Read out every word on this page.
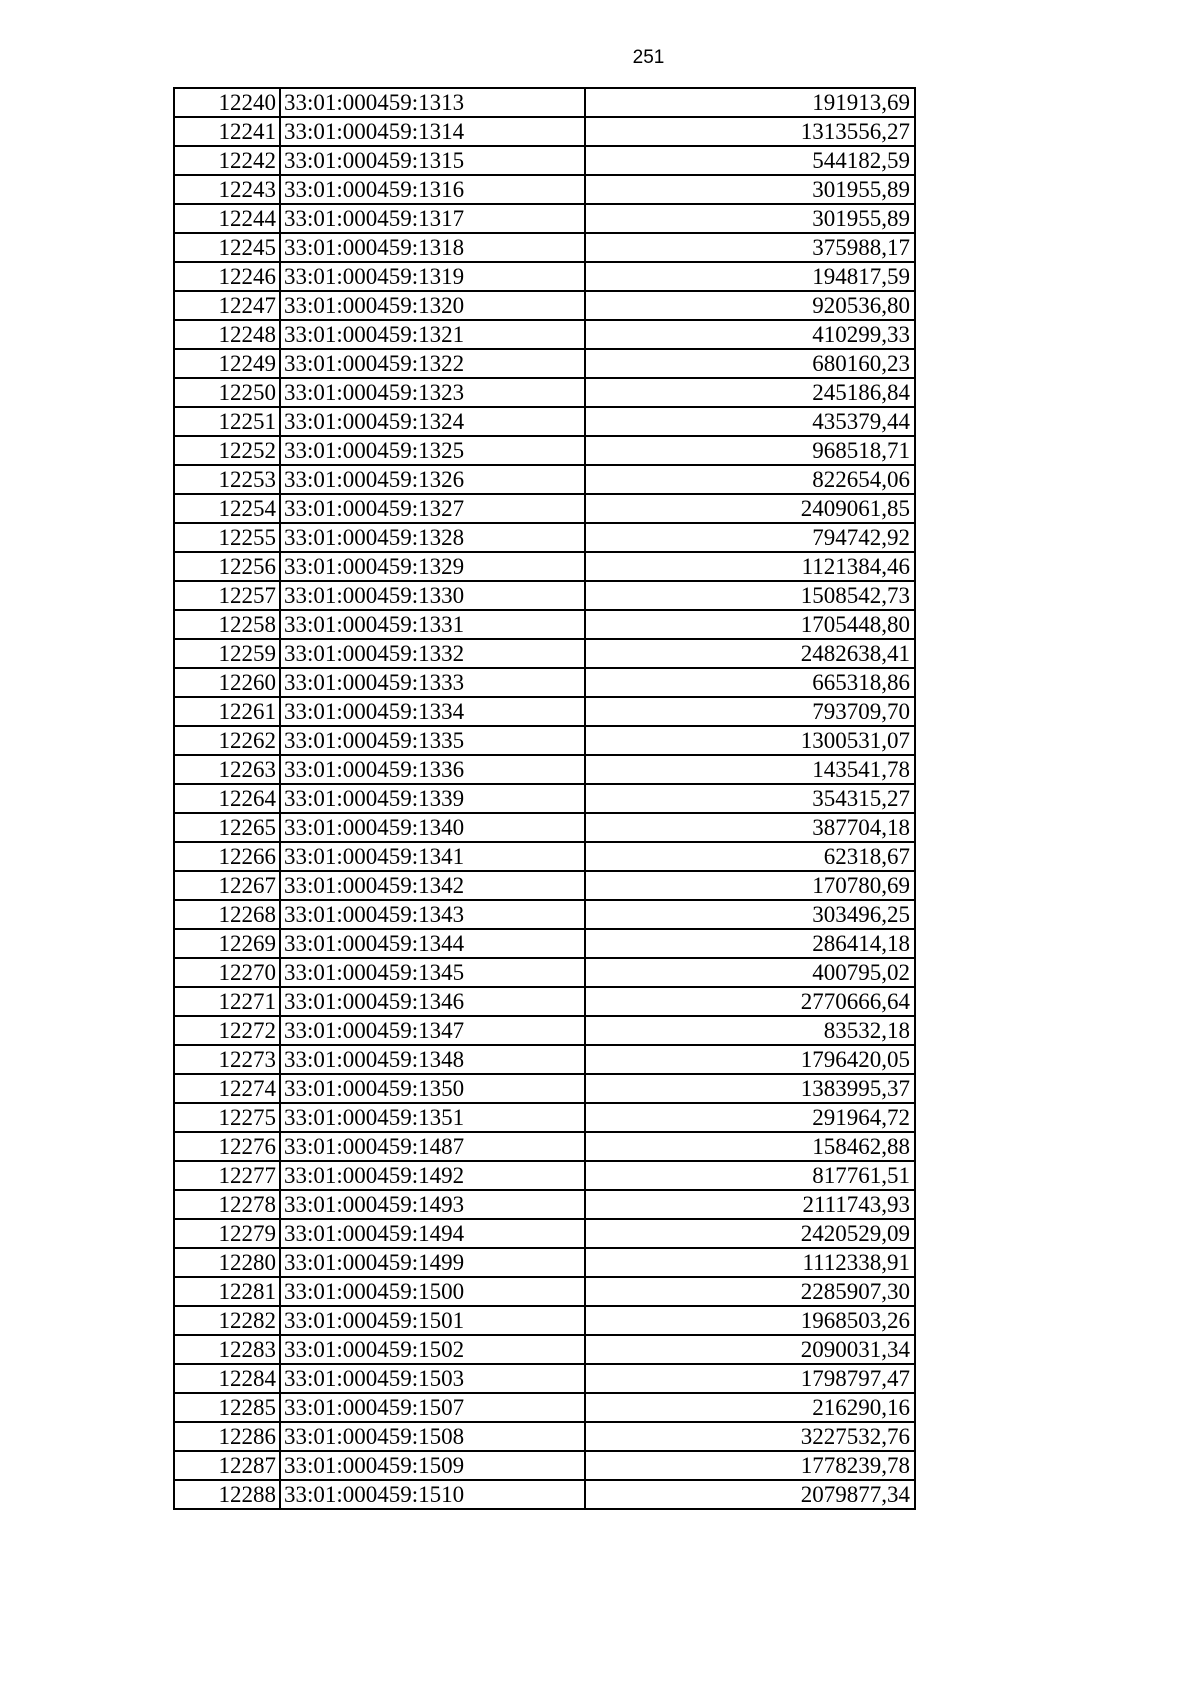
251
12240	33:01:000459:1313	191913,69
12241	33:01:000459:1314	1313556,27
12242	33:01:000459:1315	544182,59
12243	33:01:000459:1316	301955,89
12244	33:01:000459:1317	301955,89
12245	33:01:000459:1318	375988,17
12246	33:01:000459:1319	194817,59
12247	33:01:000459:1320	920536,80
12248	33:01:000459:1321	410299,33
12249	33:01:000459:1322	680160,23
12250	33:01:000459:1323	245186,84
12251	33:01:000459:1324	435379,44
12252	33:01:000459:1325	968518,71
12253	33:01:000459:1326	822654,06
12254	33:01:000459:1327	2409061,85
12255	33:01:000459:1328	794742,92
12256	33:01:000459:1329	1121384,46
12257	33:01:000459:1330	1508542,73
12258	33:01:000459:1331	1705448,80
12259	33:01:000459:1332	2482638,41
12260	33:01:000459:1333	665318,86
12261	33:01:000459:1334	793709,70
12262	33:01:000459:1335	1300531,07
12263	33:01:000459:1336	143541,78
12264	33:01:000459:1339	354315,27
12265	33:01:000459:1340	387704,18
12266	33:01:000459:1341	62318,67
12267	33:01:000459:1342	170780,69
12268	33:01:000459:1343	303496,25
12269	33:01:000459:1344	286414,18
12270	33:01:000459:1345	400795,02
12271	33:01:000459:1346	2770666,64
12272	33:01:000459:1347	83532,18
12273	33:01:000459:1348	1796420,05
12274	33:01:000459:1350	1383995,37
12275	33:01:000459:1351	291964,72
12276	33:01:000459:1487	158462,88
12277	33:01:000459:1492	817761,51
12278	33:01:000459:1493	2111743,93
12279	33:01:000459:1494	2420529,09
12280	33:01:000459:1499	1112338,91
12281	33:01:000459:1500	2285907,30
12282	33:01:000459:1501	1968503,26
12283	33:01:000459:1502	2090031,34
12284	33:01:000459:1503	1798797,47
12285	33:01:000459:1507	216290,16
12286	33:01:000459:1508	3227532,76
12287	33:01:000459:1509	1778239,78
12288	33:01:000459:1510	2079877,34
